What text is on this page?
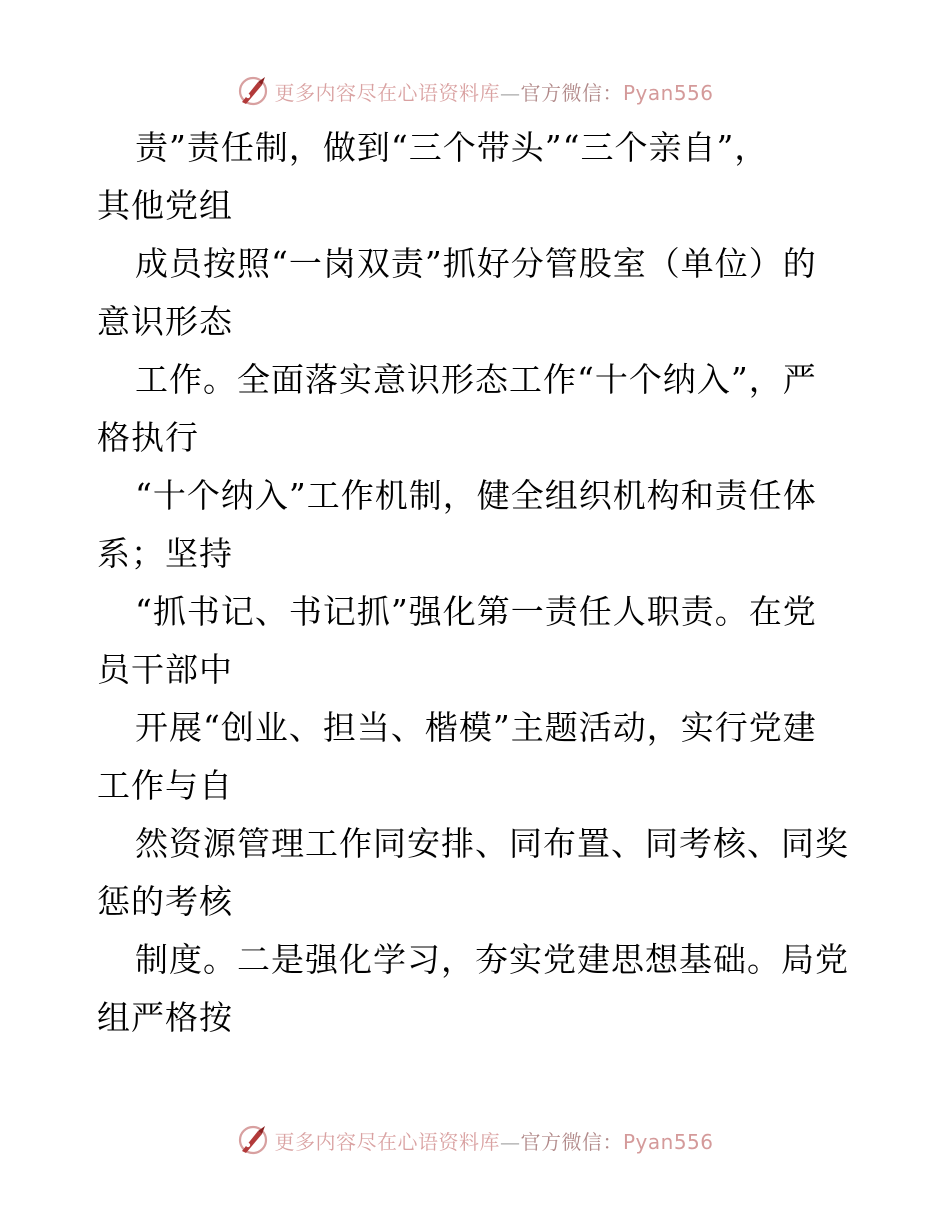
更多内容尽在心语资料库—官方微信：Pyan556
责”责任制，做到“三个带头”“三个亲自”，
其他党组
成员按照“一岗双责”抓好分管股室（单位）的
意识形态
工作。全面落实意识形态工作“十个纳入”，严
格执行
“十个纳入”工作机制，健全组织机构和责任体
系；坚持
“抓书记、书记抓”强化第一责任人职责。在党
员干部中
开展“创业、担当、楷模”主题活动，实行党建
工作与自
然资源管理工作同安排、同布置、同考核、同奖
惩的考核
制度。二是强化学习，夯实党建思想基础。局党
组严格按
更多内容尽在心语资料库—官方微信：Pyan556
